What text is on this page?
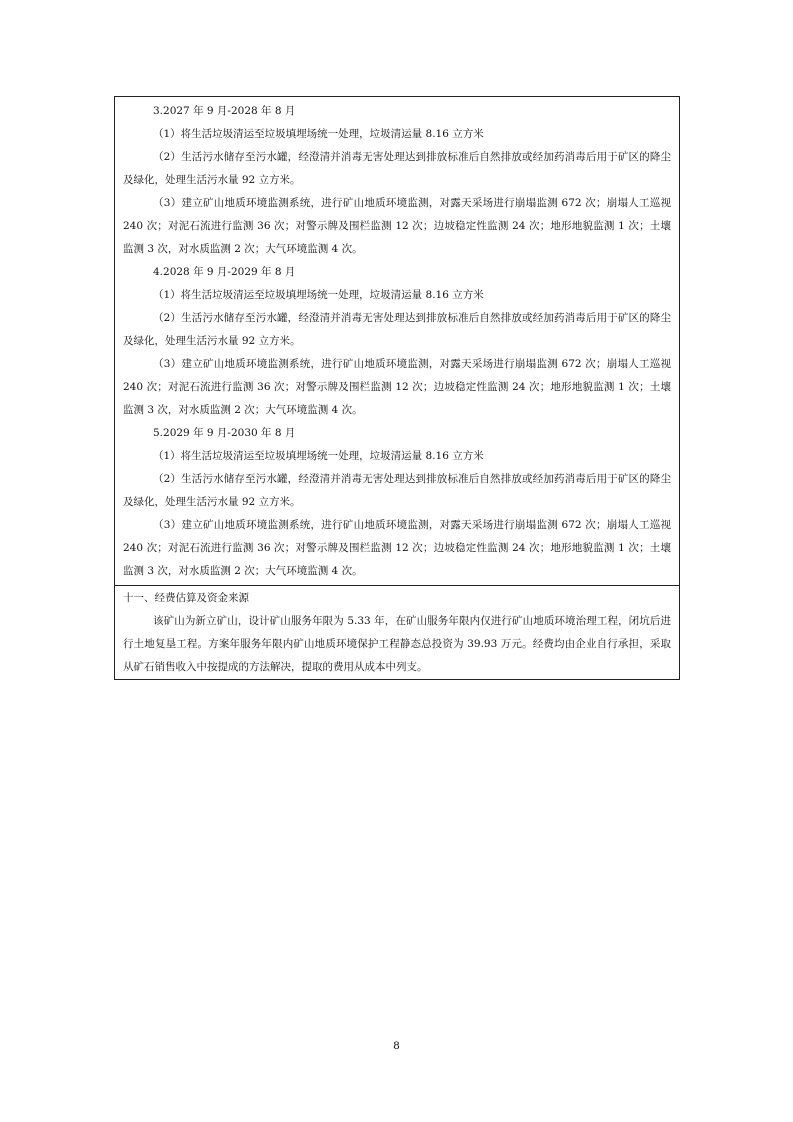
3.2027 年 9 月-2028 年 8 月

（1）将生活垃圾清运至垃圾填埋场统一处理，垃圾清运量 8.16 立方米

（2）生活污水储存至污水罐，经澄清并消毒无害处理达到排放标准后自然排放或经加药消毒后用于矿区的降尘及绿化，处理生活污水量 92 立方米。

（3）建立矿山地质环境监测系统，进行矿山地质环境监测，对露天采场进行崩塌监测 672 次；崩塌人工巡视 240 次；对泥石流进行监测 36 次；对警示牌及围栏监测 12 次；边坡稳定性监测 24 次；地形地貌监测 1 次；土壤监测 3 次，对水质监测 2 次；大气环境监测 4 次。

4.2028 年 9 月-2029 年 8 月

（1）将生活垃圾清运至垃圾填埋场统一处理，垃圾清运量 8.16 立方米

（2）生活污水储存至污水罐，经澄清并消毒无害处理达到排放标准后自然排放或经加药消毒后用于矿区的降尘及绿化，处理生活污水量 92 立方米。

（3）建立矿山地质环境监测系统，进行矿山地质环境监测，对露天采场进行崩塌监测 672 次；崩塌人工巡视 240 次；对泥石流进行监测 36 次；对警示牌及围栏监测 12 次；边坡稳定性监测 24 次；地形地貌监测 1 次；土壤监测 3 次，对水质监测 2 次；大气环境监测 4 次。

5.2029 年 9 月-2030 年 8 月

（1）将生活垃圾清运至垃圾填埋场统一处理，垃圾清运量 8.16 立方米

（2）生活污水储存至污水罐，经澄清并消毒无害处理达到排放标准后自然排放或经加药消毒后用于矿区的降尘及绿化，处理生活污水量 92 立方米。

（3）建立矿山地质环境监测系统，进行矿山地质环境监测，对露天采场进行崩塌监测 672 次；崩塌人工巡视 240 次；对泥石流进行监测 36 次；对警示牌及围栏监测 12 次；边坡稳定性监测 24 次；地形地貌监测 1 次；土壤监测 3 次，对水质监测 2 次；大气环境监测 4 次。

十一、经费估算及资金来源

该矿山为新立矿山，设计矿山服务年限为 5.33 年，在矿山服务年限内仅进行矿山地质环境治理工程，闭坑后进行土地复垦工程。方案年服务年限内矿山地质环境保护工程静态总投资为 39.93 万元。经费均由企业自行承担，采取从矿石销售收入中按提成的方法解决，提取的费用从成本中列支。

8
